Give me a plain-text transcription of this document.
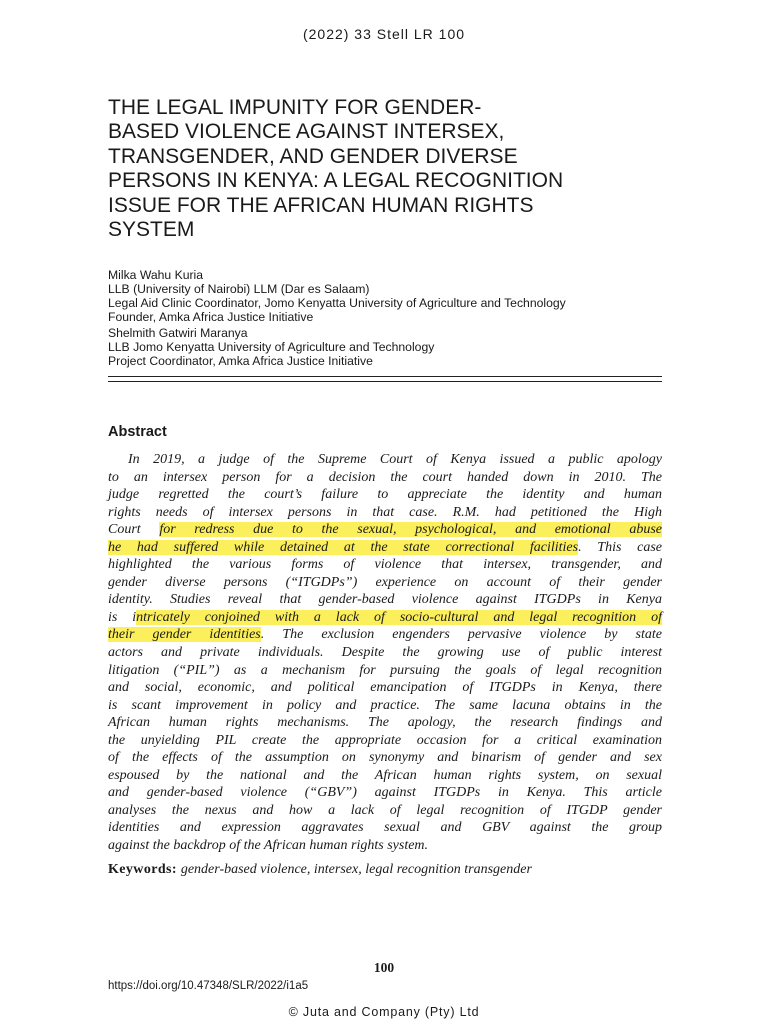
(2022) 33 Stell LR 100
THE LEGAL IMPUNITY FOR GENDER-
BASED VIOLENCE AGAINST INTERSEX,
TRANSGENDER, AND GENDER DIVERSE
PERSONS IN KENYA: A LEGAL RECOGNITION
ISSUE FOR THE AFRICAN HUMAN RIGHTS
SYSTEM
Milka Wahu Kuria
LLB (University of Nairobi) LLM (Dar es Salaam)
Legal Aid Clinic Coordinator, Jomo Kenyatta University of Agriculture and Technology
Founder, Amka Africa Justice Initiative
Shelmith Gatwiri Maranya
LLB Jomo Kenyatta University of Agriculture and Technology
Project Coordinator, Amka Africa Justice Initiative
Abstract
In 2019, a judge of the Supreme Court of Kenya issued a public apology
to an intersex person for a decision the court handed down in 2010. The
judge regretted the court’s failure to appreciate the identity and human
rights needs of intersex persons in that case. R.M. had petitioned the High
Court for redress due to the sexual, psychological, and emotional abuse
he had suffered while detained at the state correctional facilities. This case
highlighted the various forms of violence that intersex, transgender, and
gender diverse persons (“ITGDPs”) experience on account of their gender
identity. Studies reveal that gender-based violence against ITGDPs in Kenya
is intricately conjoined with a lack of socio-cultural and legal recognition of
their gender identities. The exclusion engenders pervasive violence by state
actors and private individuals. Despite the growing use of public interest
litigation (“PIL”) as a mechanism for pursuing the goals of legal recognition
and social, economic, and political emancipation of ITGDPs in Kenya, there
is scant improvement in policy and practice. The same lacuna obtains in the
African human rights mechanisms. The apology, the research findings and
the unyielding PIL create the appropriate occasion for a critical examination
of the effects of the assumption on synonymy and binarism of gender and sex
espoused by the national and the African human rights system, on sexual
and gender-based violence (“GBV”) against ITGDPs in Kenya. This article
analyses the nexus and how a lack of legal recognition of ITGDP gender
identities and expression aggravates sexual and GBV against the group
against the backdrop of the African human rights system.
Keywords: gender-based violence, intersex, legal recognition transgender
100
https://doi.org/10.47348/SLR/2022/i1a5
© Juta and Company (Pty) Ltd
